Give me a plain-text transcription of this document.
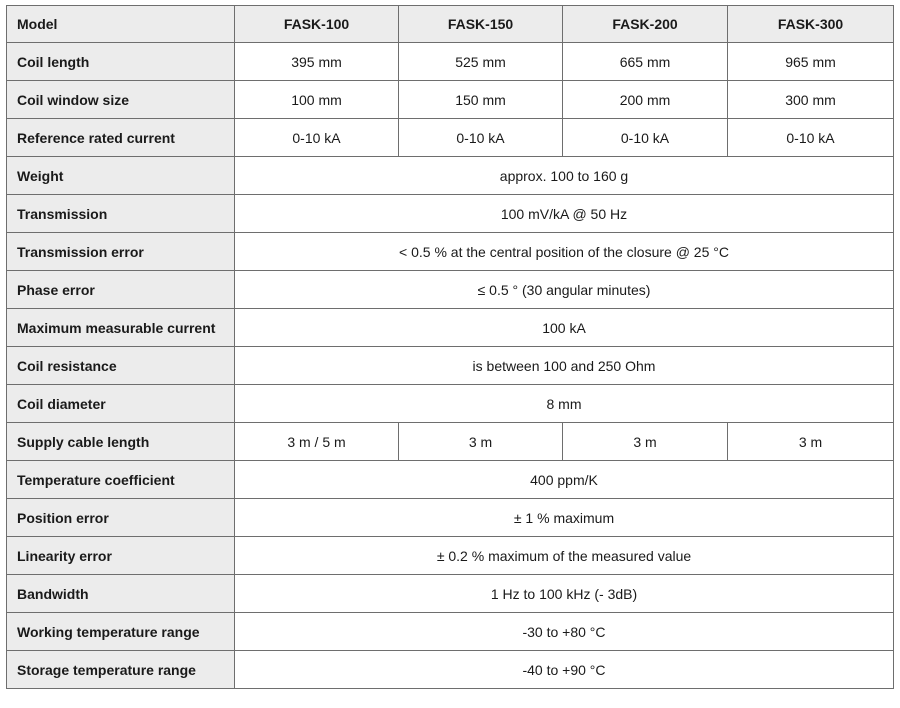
Model	FASK-100	FASK-150	FASK-200	FASK-300
Coil length	395 mm	525 mm	665 mm	965 mm
Coil window size	100 mm	150 mm	200 mm	300 mm
Reference rated current	0-10 kA	0-10 kA	0-10 kA	0-10 kA
Weight	approx. 100 to 160 g			
Transmission	100 mV/kA @ 50 Hz			
Transmission error	< 0.5 % at the central position of the closure @ 25 °C			
Phase error	≤ 0.5 ° (30 angular minutes)			
Maximum measurable current	100 kA			
Coil resistance	is between 100 and 250 Ohm			
Coil diameter	8 mm			
Supply cable length	3 m / 5 m	3 m	3 m	3 m
Temperature coefficient	400 ppm/K			
Position error	± 1 % maximum			
Linearity error	± 0.2 % maximum of the measured value			
Bandwidth	1 Hz to 100 kHz (- 3dB)			
Working temperature range	-30 to +80 °C			
Storage temperature range	-40 to +90 °C			
